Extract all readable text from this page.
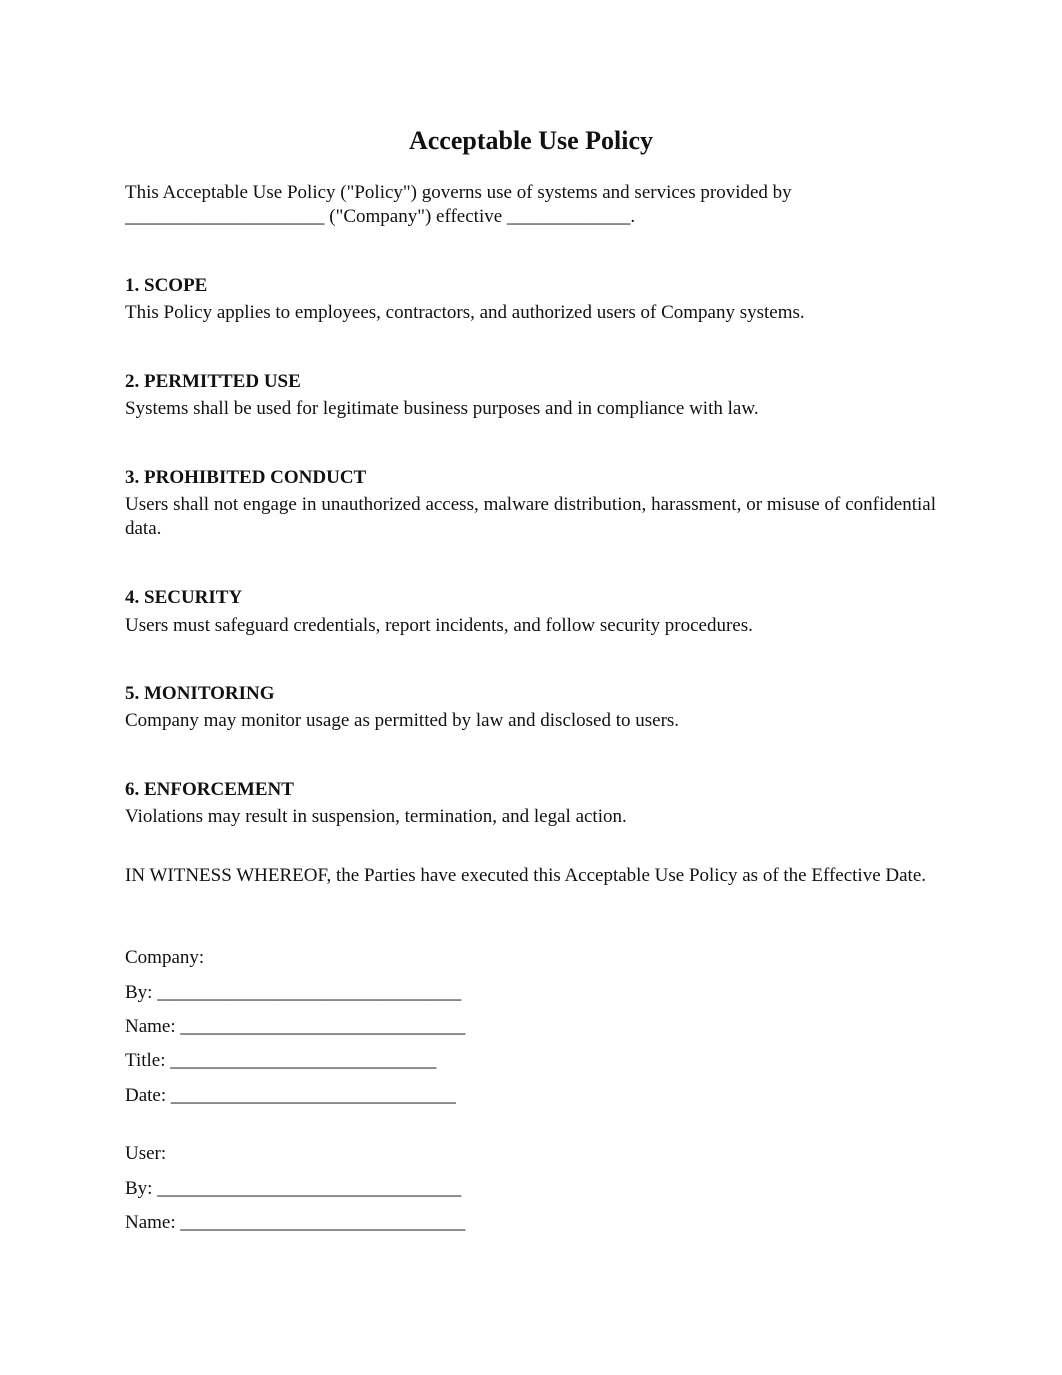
Acceptable Use Policy
This Acceptable Use Policy ("Policy") governs use of systems and services provided by
_____________________ ("Company") effective _____________.
1. SCOPE

This Policy applies to employees, contractors, and authorized users of Company systems.

2. PERMITTED USE

Systems shall be used for legitimate business purposes and in compliance with law.

3. PROHIBITED CONDUCT

Users shall not engage in unauthorized access, malware distribution, harassment, or misuse of confidential data.

4. SECURITY

Users must safeguard credentials, report incidents, and follow security procedures.

5. MONITORING

Company may monitor usage as permitted by law and disclosed to users.

6. ENFORCEMENT

Violations may result in suspension, termination, and legal action.

IN WITNESS WHEREOF, the Parties have executed this Acceptable Use Policy as of the Effective Date.

Company:
By: ________________________________
Name: ______________________________
Title: ____________________________
Date: ______________________________
User:
By: ________________________________
Name: ______________________________
